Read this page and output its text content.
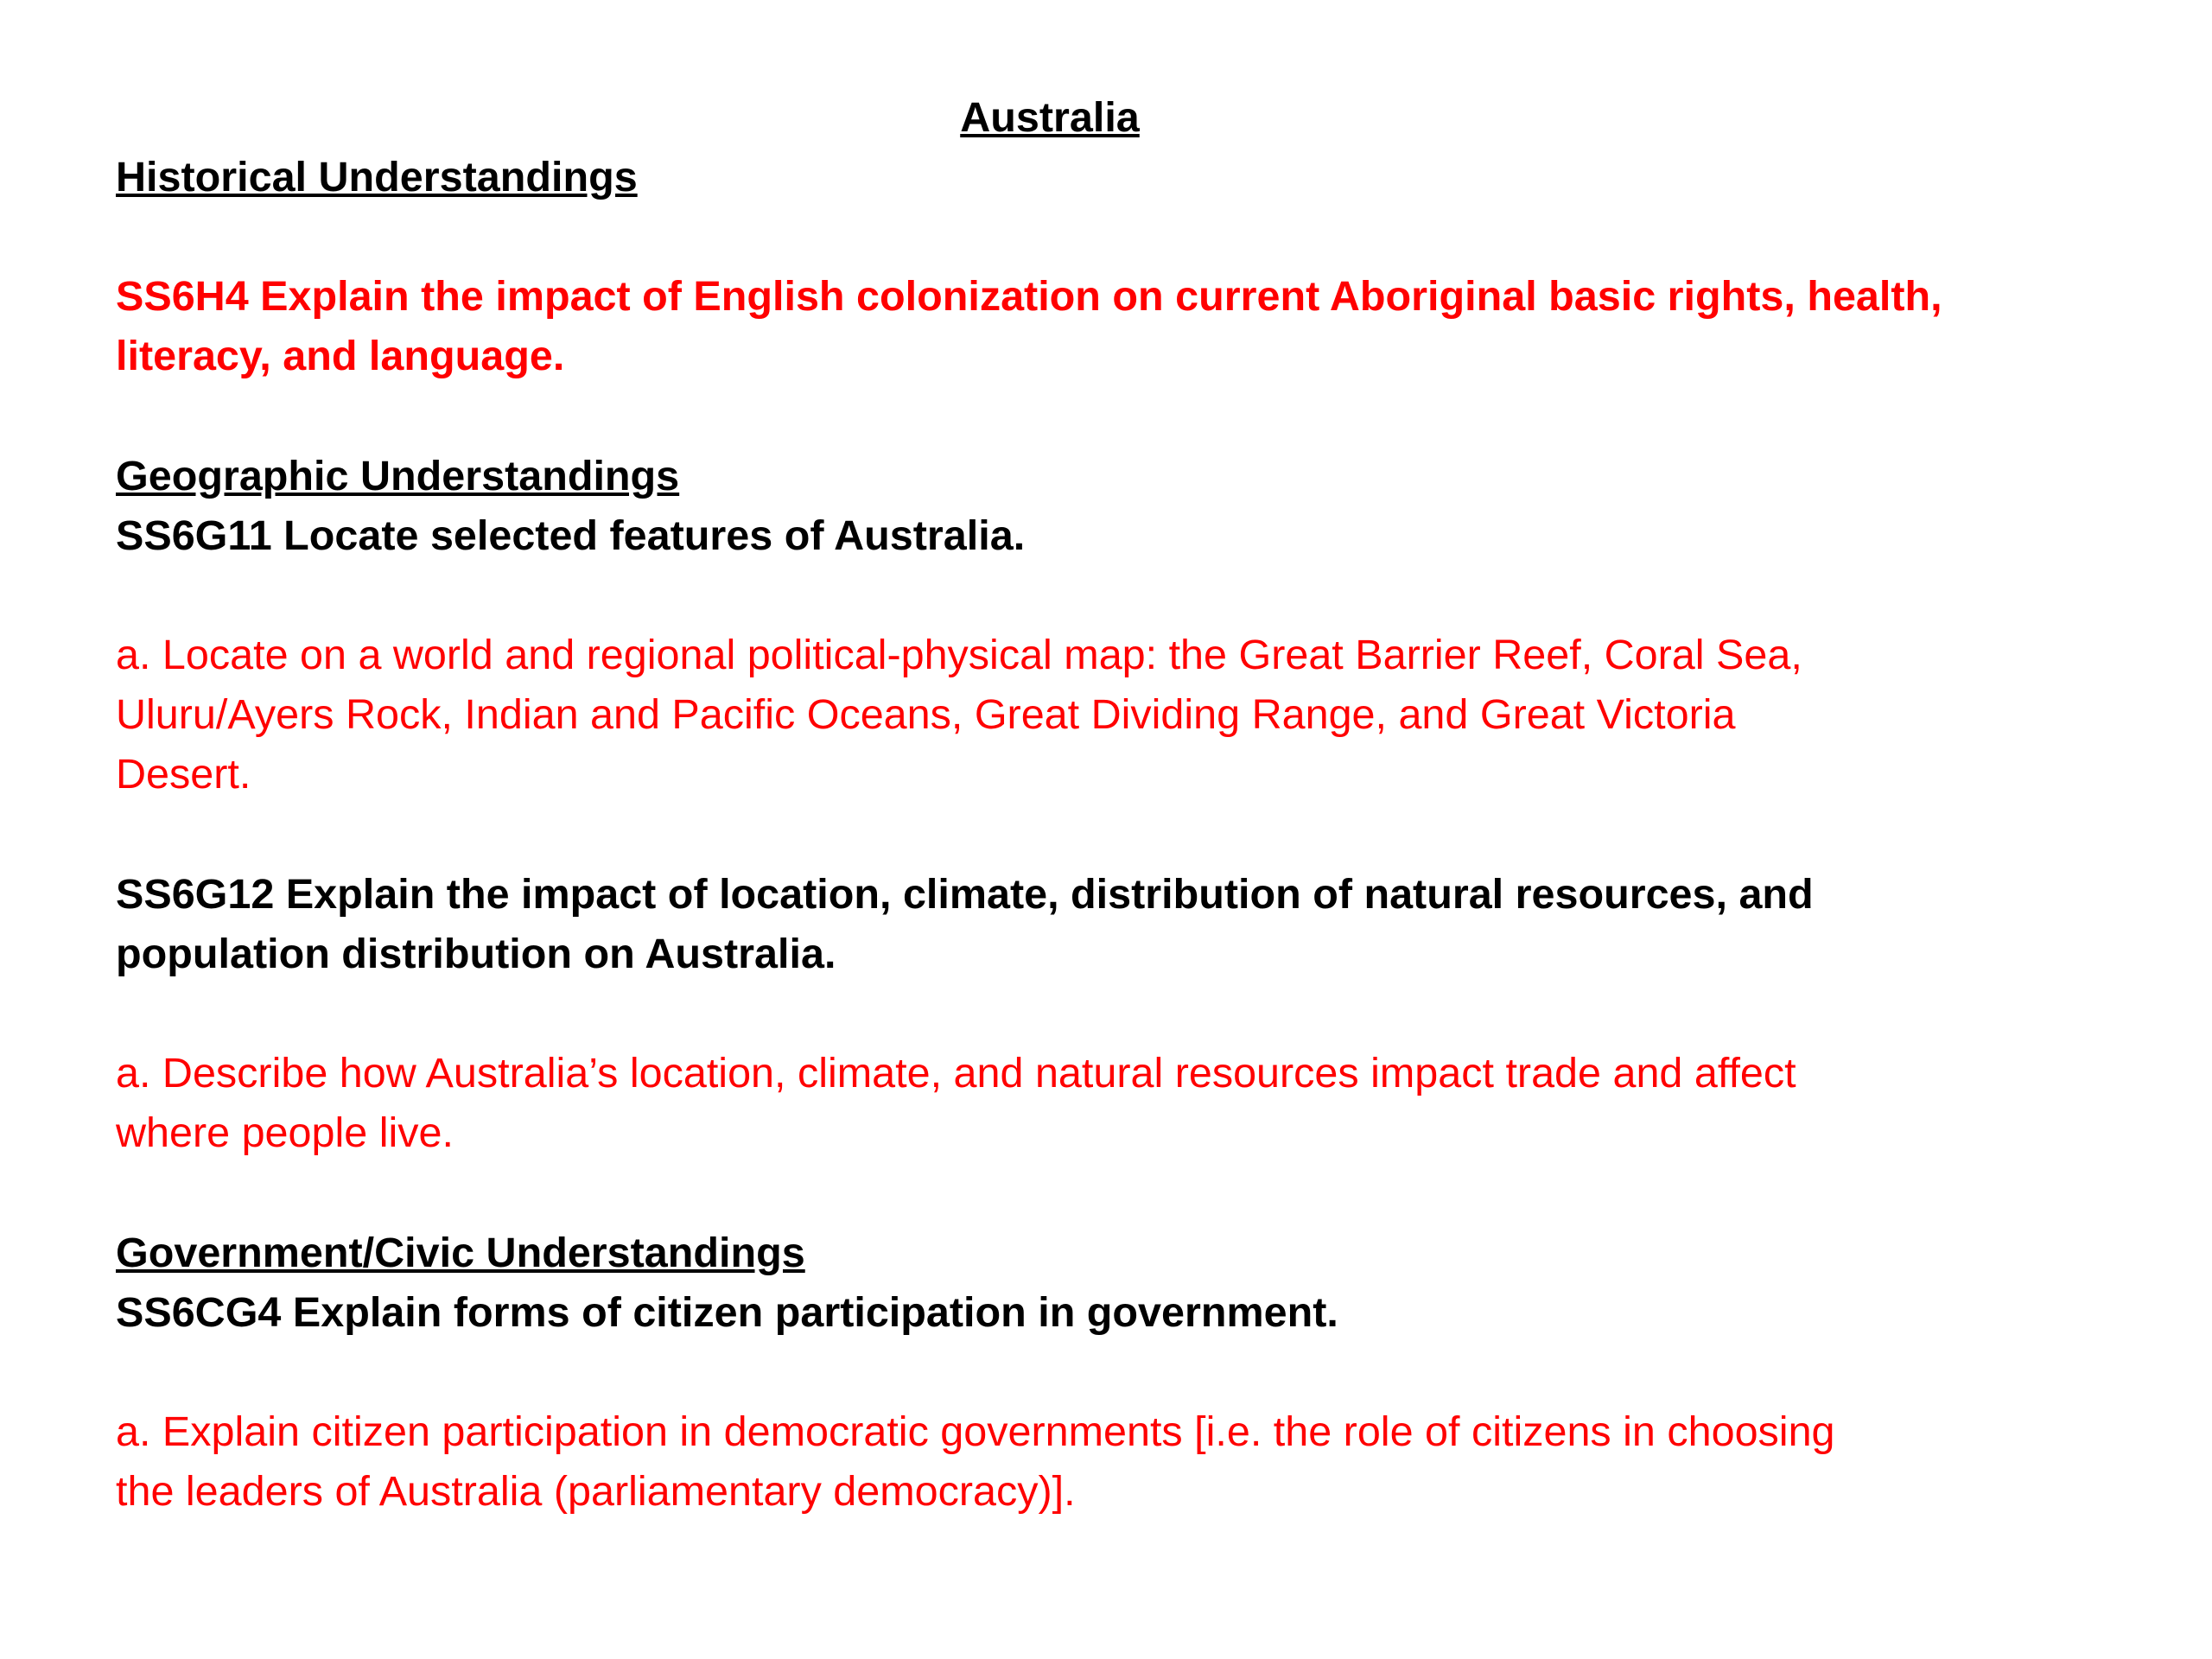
Australia

Historical Understandings

SS6H4 Explain the impact of English colonization on current Aboriginal basic rights, health,

literacy, and language.

Geographic Understandings

SS6G11 Locate selected features of Australia.

a. Locate on a world and regional political-physical map: the Great Barrier Reef, Coral Sea,

Uluru/Ayers Rock, Indian and Pacific Oceans, Great Dividing Range, and Great Victoria

Desert.

SS6G12 Explain the impact of location, climate, distribution of natural resources, and

population distribution on Australia.

a. Describe how Australia’s location, climate, and natural resources impact trade and affect

where people live.

Government/Civic Understandings

SS6CG4 Explain forms of citizen participation in government.

a. Explain citizen participation in democratic governments [i.e. the role of citizens in choosing

the leaders of Australia (parliamentary democracy)].
